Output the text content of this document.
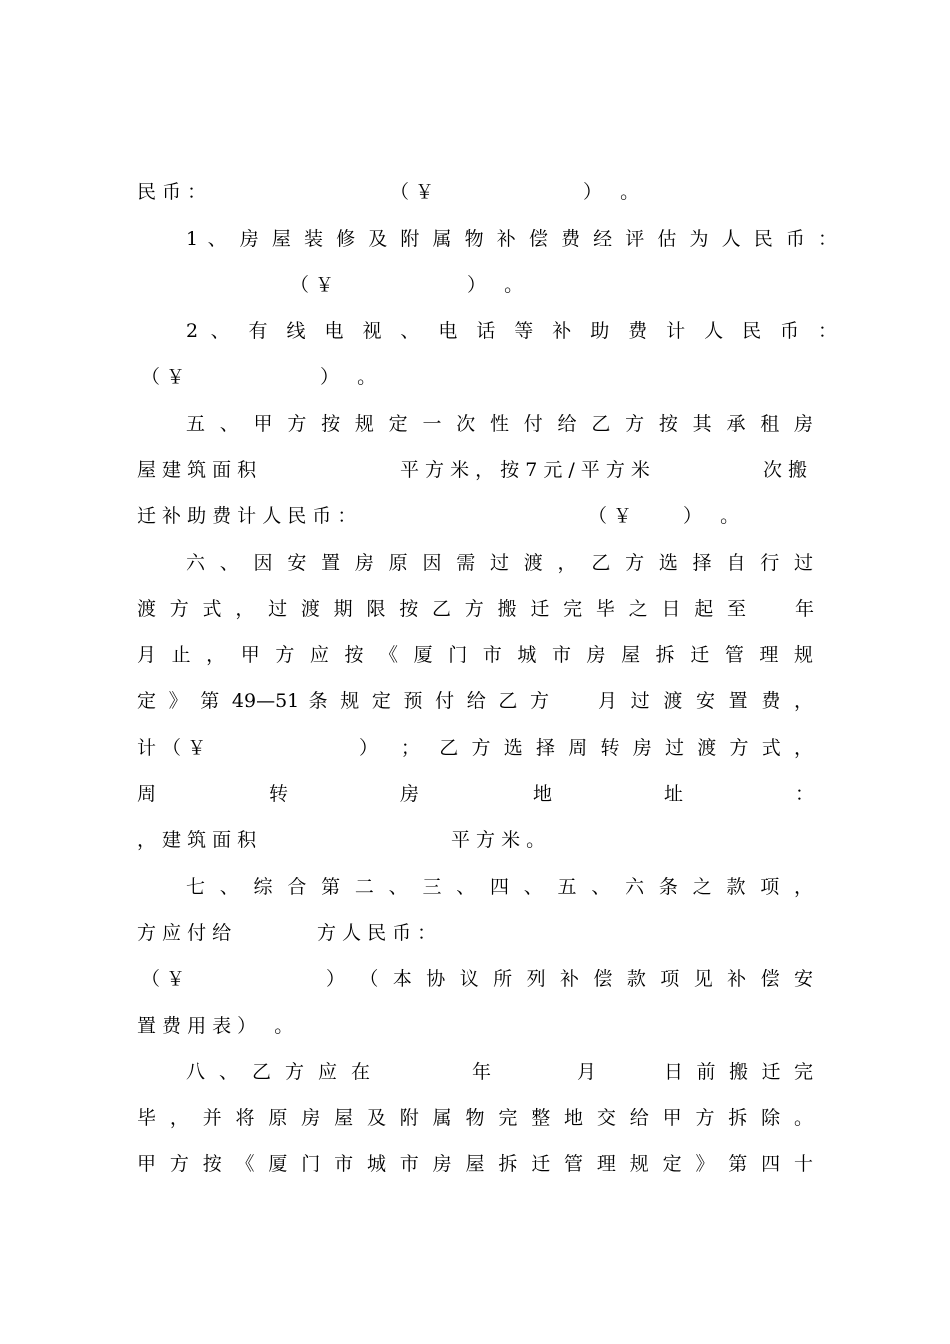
民 币 ：	（ ￥	）   。
1 、 房 屋 装 修 及 附 属 物 补 偿 费 经 评 估 为 人 民 币 ：
（ ￥	）   。
2 、 有 线 电 视 、 电 话 等 补 助 费 计 人 民 币 ：
（ ￥	）   。
五 、 甲 方 按 规 定 一 次 性 付 给 乙 方 按 其 承 租 房
屋 建 筑 面 积	平 方 米 ， 按 7 元 / 平 方 米	次 搬
迁 补 助 费 计 人 民 币 ：	（ ￥	）   。
六 、 因 安 置 房 原 因 需 过 渡 ， 乙 方 选 择 自 行 过
渡 方 式 ， 过 渡 期 限 按 乙 方 搬 迁 完 毕 之 日 起 至	年
月 止 ， 甲 方 应 按 《 厦 门 市 城 市 房 屋 拆 迁 管 理 规
定 》 第 49—51 条 规 定 预 付 给 乙 方	月 过 渡 安 置 费 ，
计 （ ￥	）  ；  乙 方 选 择 周 转 房 过 渡 方 式 ，
周	转	房	地	址	：
， 建 筑 面 积	平 方 米 。
七 、 综 合 第 二 、 三 、 四 、 五 、 六 条 之 款 项 ，
方 应 付 给	方 人 民 币 ：
（ ￥	） （ 本 协 议 所 列 补 偿 款 项 见 补 偿 安
置 费 用 表 ）   。
八 、 乙 方 应 在	年	月	日 前 搬 迁 完
毕 ， 并 将 原 房 屋 及 附 属 物 完 整 地 交 给 甲 方 拆 除 。
甲 方 按 《 厦 门 市 城 市 房 屋 拆 迁 管 理 规 定 》 第 四 十
